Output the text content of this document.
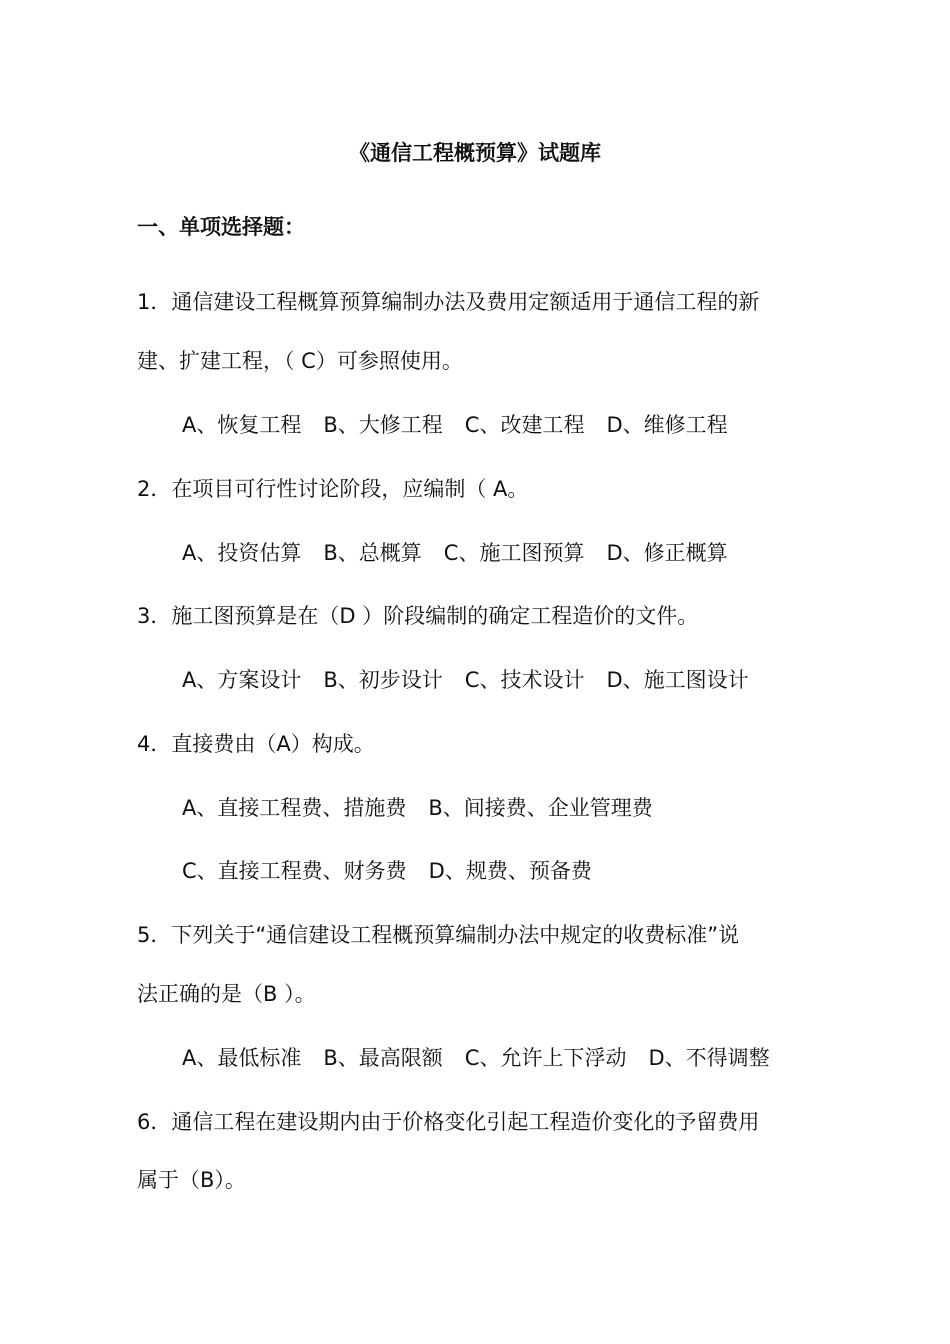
《通信工程概预算》试题库
一、单项选择题：
1．通信建设工程概算预算编制办法及费用定额适用于通信工程的新
建、扩建工程，（ C）可参照使用。
A、恢复工程 B、大修工程 C、改建工程 D、维修工程
2．在项目可行性讨论阶段，应编制（ A。
A、投资估算 B、总概算 C、施工图预算 D、修正概算
3．施工图预算是在（D ）阶段编制的确定工程造价的文件。
A、方案设计 B、初步设计 C、技术设计 D、施工图设计
4．直接费由（A）构成。
A、直接工程费、措施费 B、间接费、企业管理费
C、直接工程费、财务费 D、规费、预备费
5．下列关于“通信建设工程概预算编制办法中规定的收费标准”说
法正确的是（B ）。
A、最低标准 B、最高限额 C、允许上下浮动 D、不得调整
6．通信工程在建设期内由于价格变化引起工程造价变化的予留费用
属于（B）。
